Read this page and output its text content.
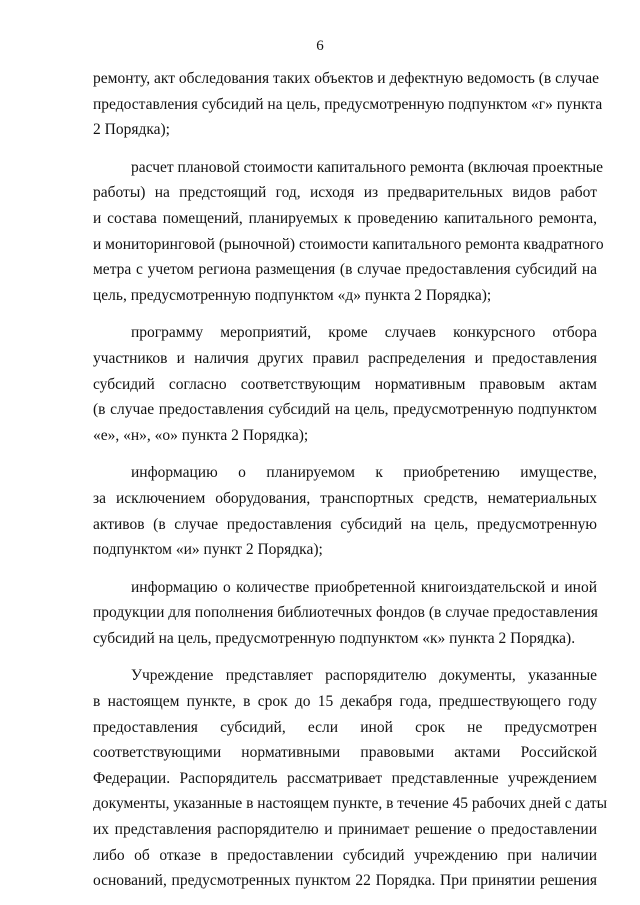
6

ремонту, акт обследования таких объектов и дефектную ведомость (в случае
предоставления субсидий на цель, предусмотренную подпунктом «г» пункта
2 Порядка);

расчет плановой стоимости капитального ремонта (включая проектные
работы) на предстоящий год, исходя из предварительных видов работ
и состава помещений, планируемых к проведению капитального ремонта,
и мониторинговой (рыночной) стоимости капитального ремонта квадратного
метра с учетом региона размещения (в случае предоставления субсидий на
цель, предусмотренную подпунктом «д» пункта 2 Порядка);

программу мероприятий, кроме случаев конкурсного отбора
участников и наличия других правил распределения и предоставления
субсидий согласно соответствующим нормативным правовым актам
(в случае предоставления субсидий на цель, предусмотренную подпунктом
«е», «н», «о» пункта 2 Порядка);

информацию о планируемом к приобретению имуществе,
за исключением оборудования, транспортных средств, нематериальных
активов (в случае предоставления субсидий на цель, предусмотренную
подпунктом «и» пункт 2 Порядка);

информацию о количестве приобретенной книгоиздательской и иной
продукции для пополнения библиотечных фондов (в случае предоставления
субсидий на цель, предусмотренную подпунктом «к» пункта 2 Порядка).

Учреждение представляет распорядителю документы, указанные
в настоящем пункте, в срок до 15 декабря года, предшествующего году
предоставления субсидий, если иной срок не предусмотрен
соответствующими нормативными правовыми актами Российской
Федерации. Распорядитель рассматривает представленные учреждением
документы, указанные в настоящем пункте, в течение 45 рабочих дней с даты
их представления распорядителю и принимает решение о предоставлении
либо об отказе в предоставлении субсидий учреждению при наличии
оснований, предусмотренных пунктом 22 Порядка. При принятии решения
